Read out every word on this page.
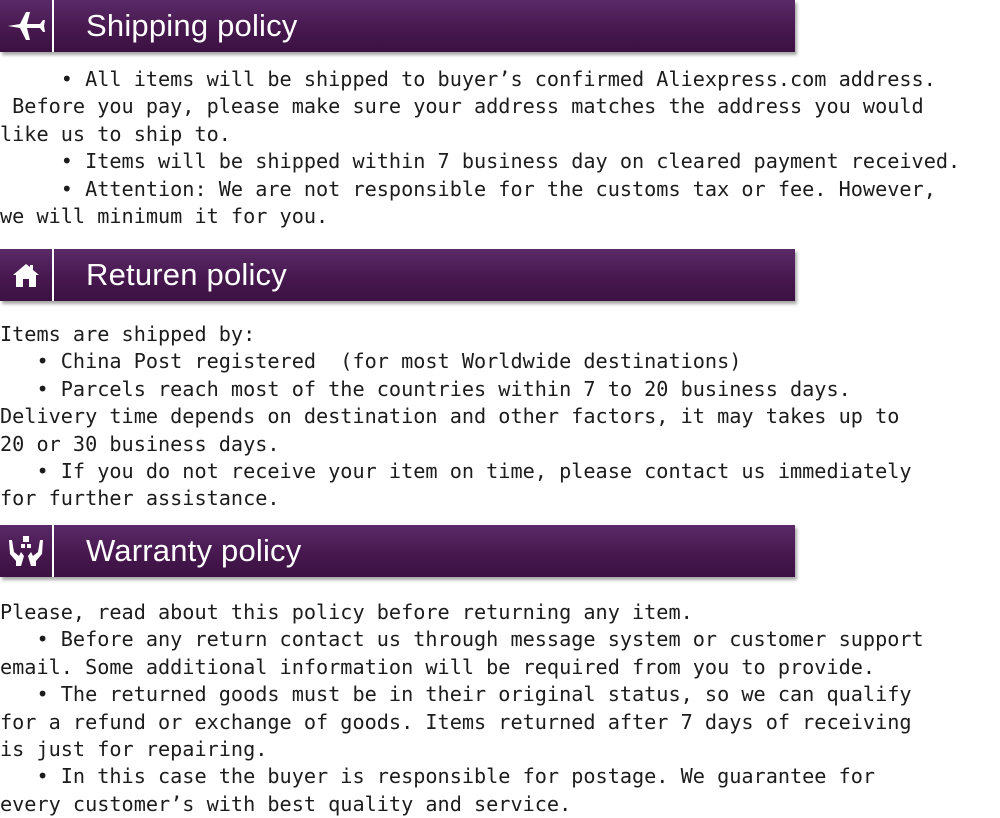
Shipping policy
• All items will be shipped to buyer’s confirmed Aliexpress.com address.
Before you pay, please make sure your address matches the address you would
like us to ship to.
• Items will be shipped within 7 business day on cleared payment received.
• Attention: We are not responsible for the customs tax or fee. However,
we will minimum it for you.
Returen policy
Items are shipped by:
• China Post registered  (for most Worldwide destinations)
• Parcels reach most of the countries within 7 to 20 business days.
Delivery time depends on destination and other factors, it may takes up to
20 or 30 business days.
• If you do not receive your item on time, please contact us immediately
for further assistance.
Warranty policy
Please, read about this policy before returning any item.
• Before any return contact us through message system or customer support
email. Some additional information will be required from you to provide.
• The returned goods must be in their original status, so we can qualify
for a refund or exchange of goods. Items returned after 7 days of receiving
is just for repairing.
• In this case the buyer is responsible for postage. We guarantee for
every customer’s with best quality and service.
